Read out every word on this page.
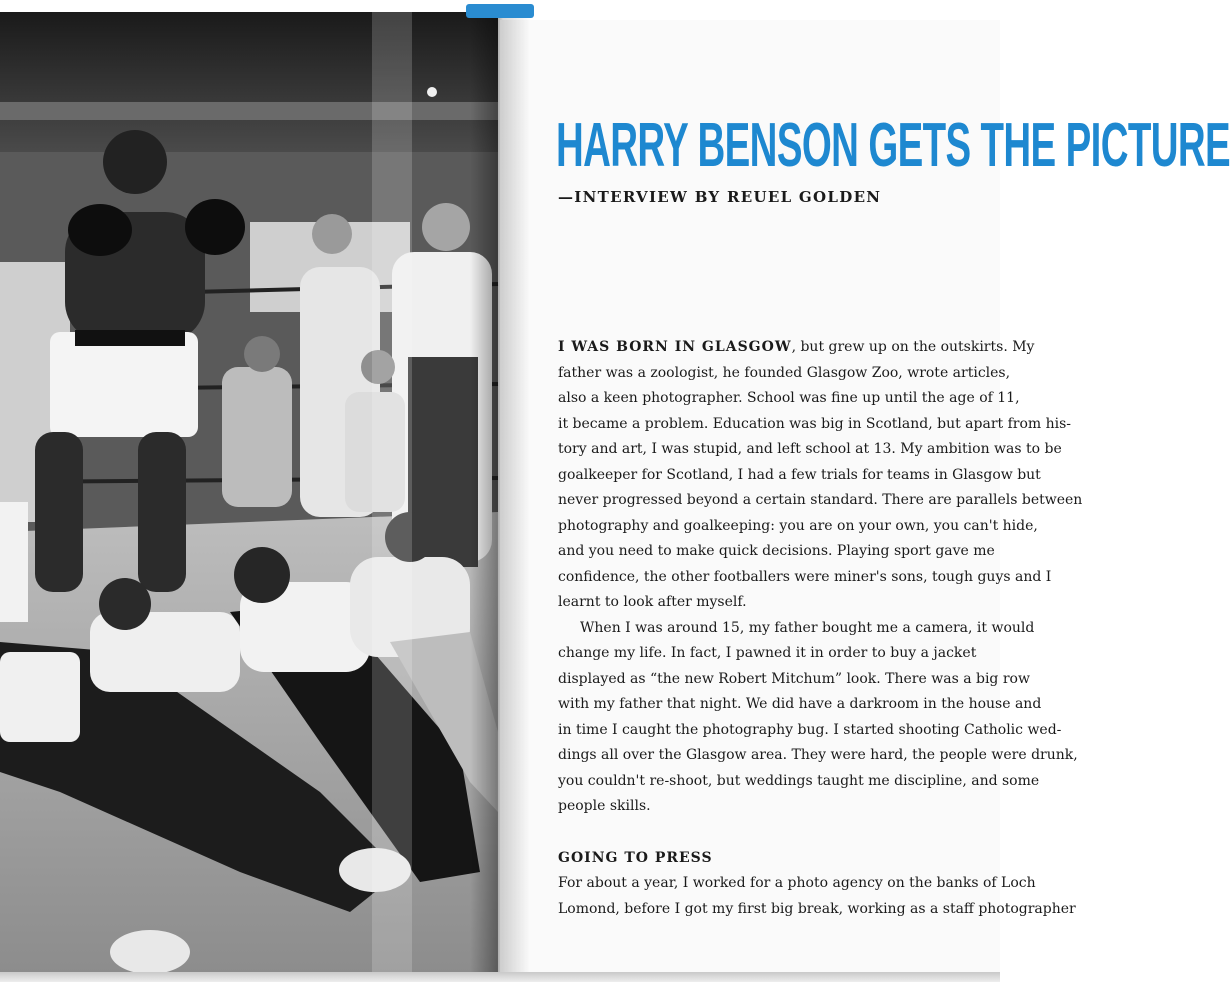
HARRY BENSON GETS THE PICTURE
—INTERVIEW BY REUEL GOLDEN

I WAS BORN IN GLASGOW, but grew up on the outskirts. My

father was a zoologist, he founded Glasgow Zoo, wrote articles,

also a keen photographer. School was fine up until the age of 11,

it became a problem. Education was big in Scotland, but apart from his-

tory and art, I was stupid, and left school at 13. My ambition was to be

goalkeeper for Scotland, I had a few trials for teams in Glasgow but

never progressed beyond a certain standard. There are parallels between

photography and goalkeeping: you are on your own, you can't hide,

and you need to make quick decisions. Playing sport gave me

confidence, the other footballers were miner's sons, tough guys and I

learnt to look after myself.

When I was around 15, my father bought me a camera, it would

change my life. In fact, I pawned it in order to buy a jacket

displayed as “the new Robert Mitchum” look. There was a big row

with my father that night. We did have a darkroom in the house and

in time I caught the photography bug. I started shooting Catholic wed-

dings all over the Glasgow area. They were hard, the people were drunk,

you couldn't re-shoot, but weddings taught me discipline, and some

people skills.

GOING TO PRESS

For about a year, I worked for a photo agency on the banks of Loch

Lomond, before I got my first big break, working as a staff photographer
